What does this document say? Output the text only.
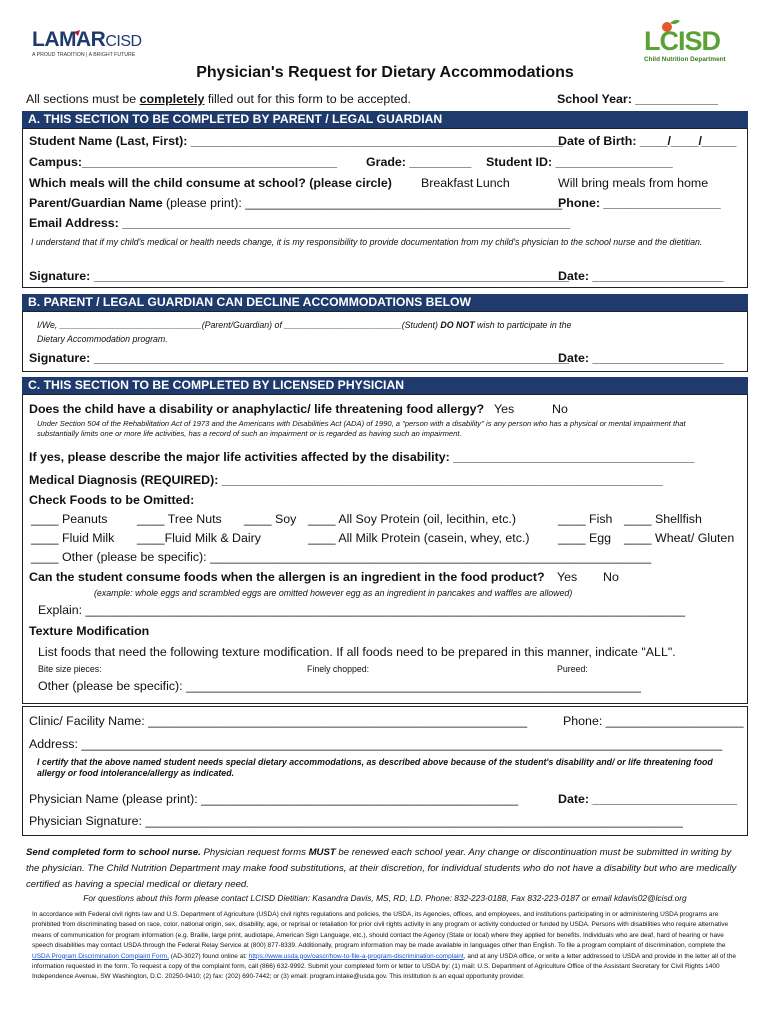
LAMARCISD
A PROUD TRADITION | A BRIGHT FUTURE	LCISD
Child Nutrition Department
Physician's Request for Dietary Accommodations
All sections must be completely filled out for this form to be accepted.	School Year: ____________
A. THIS SECTION TO BE COMPLETED BY PARENT / LEGAL GUARDIAN
Student Name (Last, First): ______________________________________________________
Date of Birth: ____/____/_____
Campus:_____________________________________ Grade: _________ Student ID: _________________
Which meals will the child consume at school? (please circle) Breakfast Lunch	Will bring meals from home
Parent/Guardian Name (please print): ______________________________________________
Phone: _________________
Email Address: _________________________________________________________________
I understand that if my child's medical or health needs change, it is my responsibility to provide documentation from my child's physician to the school nurse and the dietitian.
Signature: _____________________________________________________________________
Date: ___________________
B. PARENT / LEGAL GUARDIAN CAN DECLINE ACCOMMODATIONS BELOW
I/We, _____________________________(Parent/Guardian) of ________________________(Student) DO NOT wish to participate in the
Dietary Accommodation program.
Signature: _____________________________________________________________________
Date: ___________________
C. THIS SECTION TO BE COMPLETED BY LICENSED PHYSICIAN
Does the child have a disability or anaphylactic/ life threatening food allergy? Yes	No
Under Section 504 of the Rehabilitation Act of 1973 and the Americans with Disabilities Act (ADA) of 1990, a "person with a disability" is any person who has a physical or mental impairment that substantially limits one or more life activities, has a record of such an impairment or is regarded as having such an impairment.
If yes, please describe the major life activities affected by the disability: ___________________________________
Medical Diagnosis (REQUIRED): ________________________________________________________________
Check Foods to be Omitted:
____ Peanuts ____ Tree Nuts ____ Soy ____ All Soy Protein (oil, lecithin, etc.)	____ Fish ____ Shellfish
____ Fluid Milk ____Fluid Milk & Dairy	____ All Milk Protein (casein, whey, etc.) ____ Egg ____ Wheat/ Gluten
____ Other (please be specific): ________________________________________________________________
Can the student consume foods when the allergen is an ingredient in the food product? Yes No
(example: whole eggs and scrambled eggs are omitted however egg as an ingredient in pancakes and waffles are allowed)
Explain: _______________________________________________________________________________________
Texture Modification
List foods that need the following texture modification. If all foods need to be prepared in this manner, indicate "ALL".
Bite size pieces:	Finely chopped:	Pureed:
Other (please be specific): __________________________________________________________________
Clinic/ Facility Name: _______________________________________________________	Phone: ____________________
Address: _____________________________________________________________________________________________
I certify that the above named student needs special dietary accommodations, as described above because of the student's disability and/ or life threatening food allergy or food intolerance/allergy as indicated.
Physician Name (please print): ______________________________________________	Date: _____________________
Physician Signature: ______________________________________________________________________________
Send completed form to school nurse. Physician request forms MUST be renewed each school year. Any change or discontinuation must be submitted in writing by the physician. The Child Nutrition Department may make food substitutions, at their discretion, for individual students who do not have a disability but who are medically certified as having a special medical or dietary need.
For questions about this form please contact LCISD Dietitian: Kasandra Davis, MS, RD, LD. Phone: 832-223-0188, Fax 832-223-0187 or email kdavis02@lcisd.org
In accordance with Federal civil rights law and U.S. Department of Agriculture (USDA) civil rights regulations and policies, the USDA, its Agencies, offices, and employees, and institutions participating in or administering USDA programs are prohibited from discriminating based on race, color, national origin, sex, disability, age, or reprisal or retaliation for prior civil rights activity in any program or activity conducted or funded by USDA. Persons with disabilities who require alternative means of communication for program information (e.g. Braille, large print, audiotape, American Sign Language, etc.), should contact the Agency (State or local) where they applied for benefits. Individuals who are deaf, hard of hearing or have speech disabilities may contact USDA through the Federal Relay Service at (800) 877-8339. Additionally, program information may be made available in languages other than English. To file a program complaint of discrimination, complete the USDA Program Discrimination Complaint Form, (AD-3027) found online at: https://www.usda.gov/oascr/how-to-file-a-program-discrimination-complaint, and at any USDA office, or write a letter addressed to USDA and provide in the letter all of the information requested in the form. To request a copy of the complaint form, call (866) 632-9992. Submit your completed form or letter to USDA by: (1) mail: U.S. Department of Agriculture Office of the Assistant Secretary for Civil Rights 1400 Independence Avenue, SW Washington, D.C. 20250-9410; (2) fax: (202) 690-7442; or (3) email: program.intake@usda.gov. This institution is an equal opportunity provider.
